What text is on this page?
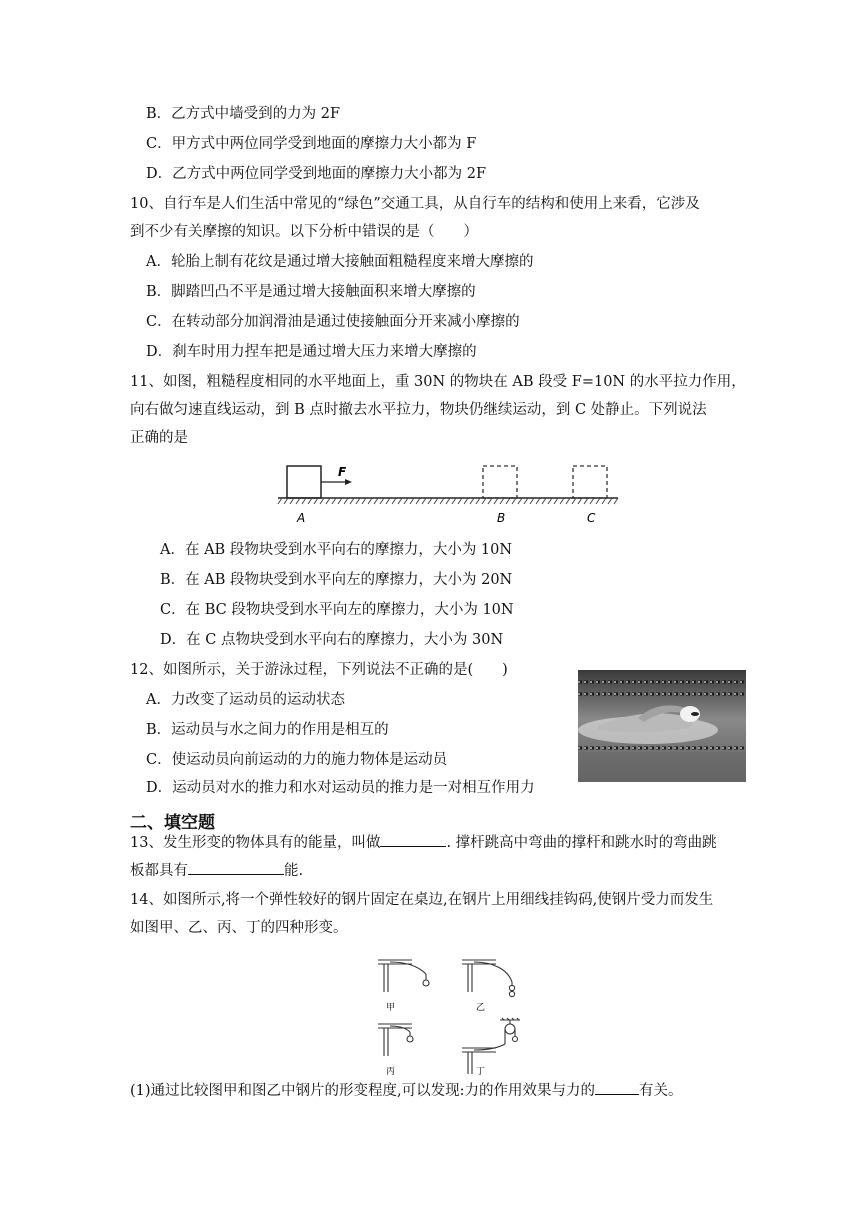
B．乙方式中墙受到的力为 2F
C．甲方式中两位同学受到地面的摩擦力大小都为 F
D．乙方式中两位同学受到地面的摩擦力大小都为 2F
10、自行车是人们生活中常见的“绿色”交通工具，从自行车的结构和使用上来看，它涉及
到不少有关摩擦的知识。以下分析中错误的是（　　）
A．轮胎上制有花纹是通过增大接触面粗糙程度来增大摩擦的
B．脚踏凹凸不平是通过增大接触面积来增大摩擦的
C．在转动部分加润滑油是通过使接触面分开来减小摩擦的
D．刹车时用力捏车把是通过增大压力来增大摩擦的
11、如图，粗糙程度相同的水平地面上，重 30N 的物块在 AB 段受 F=10N 的水平拉力作用，
向右做匀速直线运动，到 B 点时撤去水平拉力，物块仍继续运动，到 C 处静止。下列说法
正确的是
F
A	B	C
A．在 AB 段物块受到水平向右的摩擦力，大小为 10N
B．在 AB 段物块受到水平向左的摩擦力，大小为 20N
C．在 BC 段物块受到水平向左的摩擦力，大小为 10N
D．在 C 点物块受到水平向右的摩擦力，大小为 30N
12、如图所示，关于游泳过程，下列说法不正确的是(　　)
A．力改变了运动员的运动状态
B．运动员与水之间力的作用是相互的
C．使运动员向前运动的力的施力物体是运动员
D．运动员对水的推力和水对运动员的推力是一对相互作用力
二、填空题
13、发生形变的物体具有的能量，叫做	. 撑杆跳高中弯曲的撑杆和跳水时的弯曲跳
板都具有	能.
14、如图所示,将一个弹性较好的钢片固定在桌边,在钢片上用细线挂钩码,使钢片受力而发生
如图甲、乙、丙、丁的四种形变。
甲	乙
丙	丁
(1)通过比较图甲和图乙中钢片的形变程度,可以发现:力的作用效果与力的	有关。
